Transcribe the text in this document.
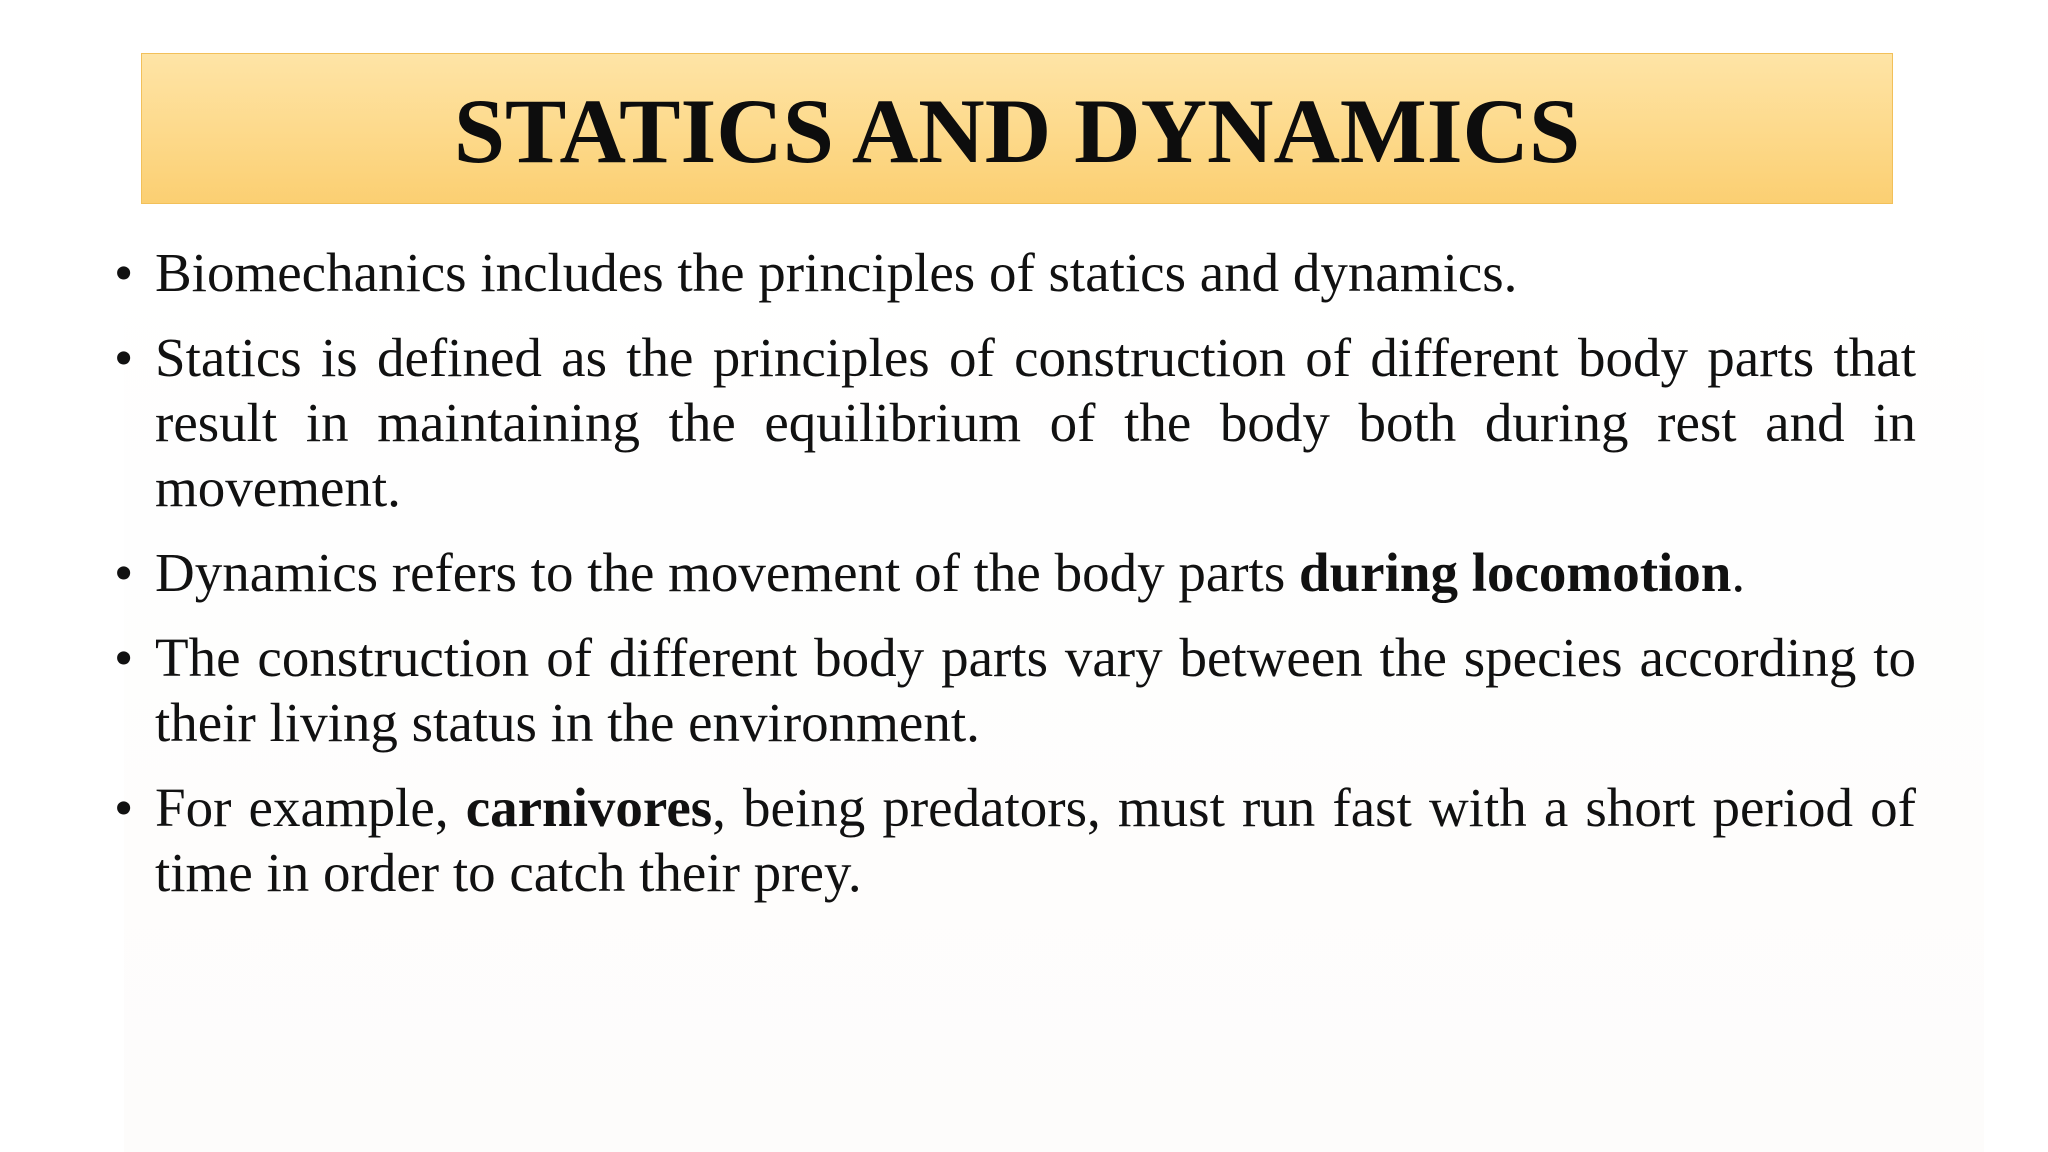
STATICS AND DYNAMICS
• Biomechanics includes the principles of statics and dynamics.
• Statics is defined as the principles of construction of different body parts that result in maintaining the equilibrium of the body both during rest and in movement.
• Dynamics refers to the movement of the body parts during locomotion.
• The construction of different body parts vary between the species according to their living status in the environment.
• For example, carnivores, being predators, must run fast with a short period of time in order to catch their prey.
